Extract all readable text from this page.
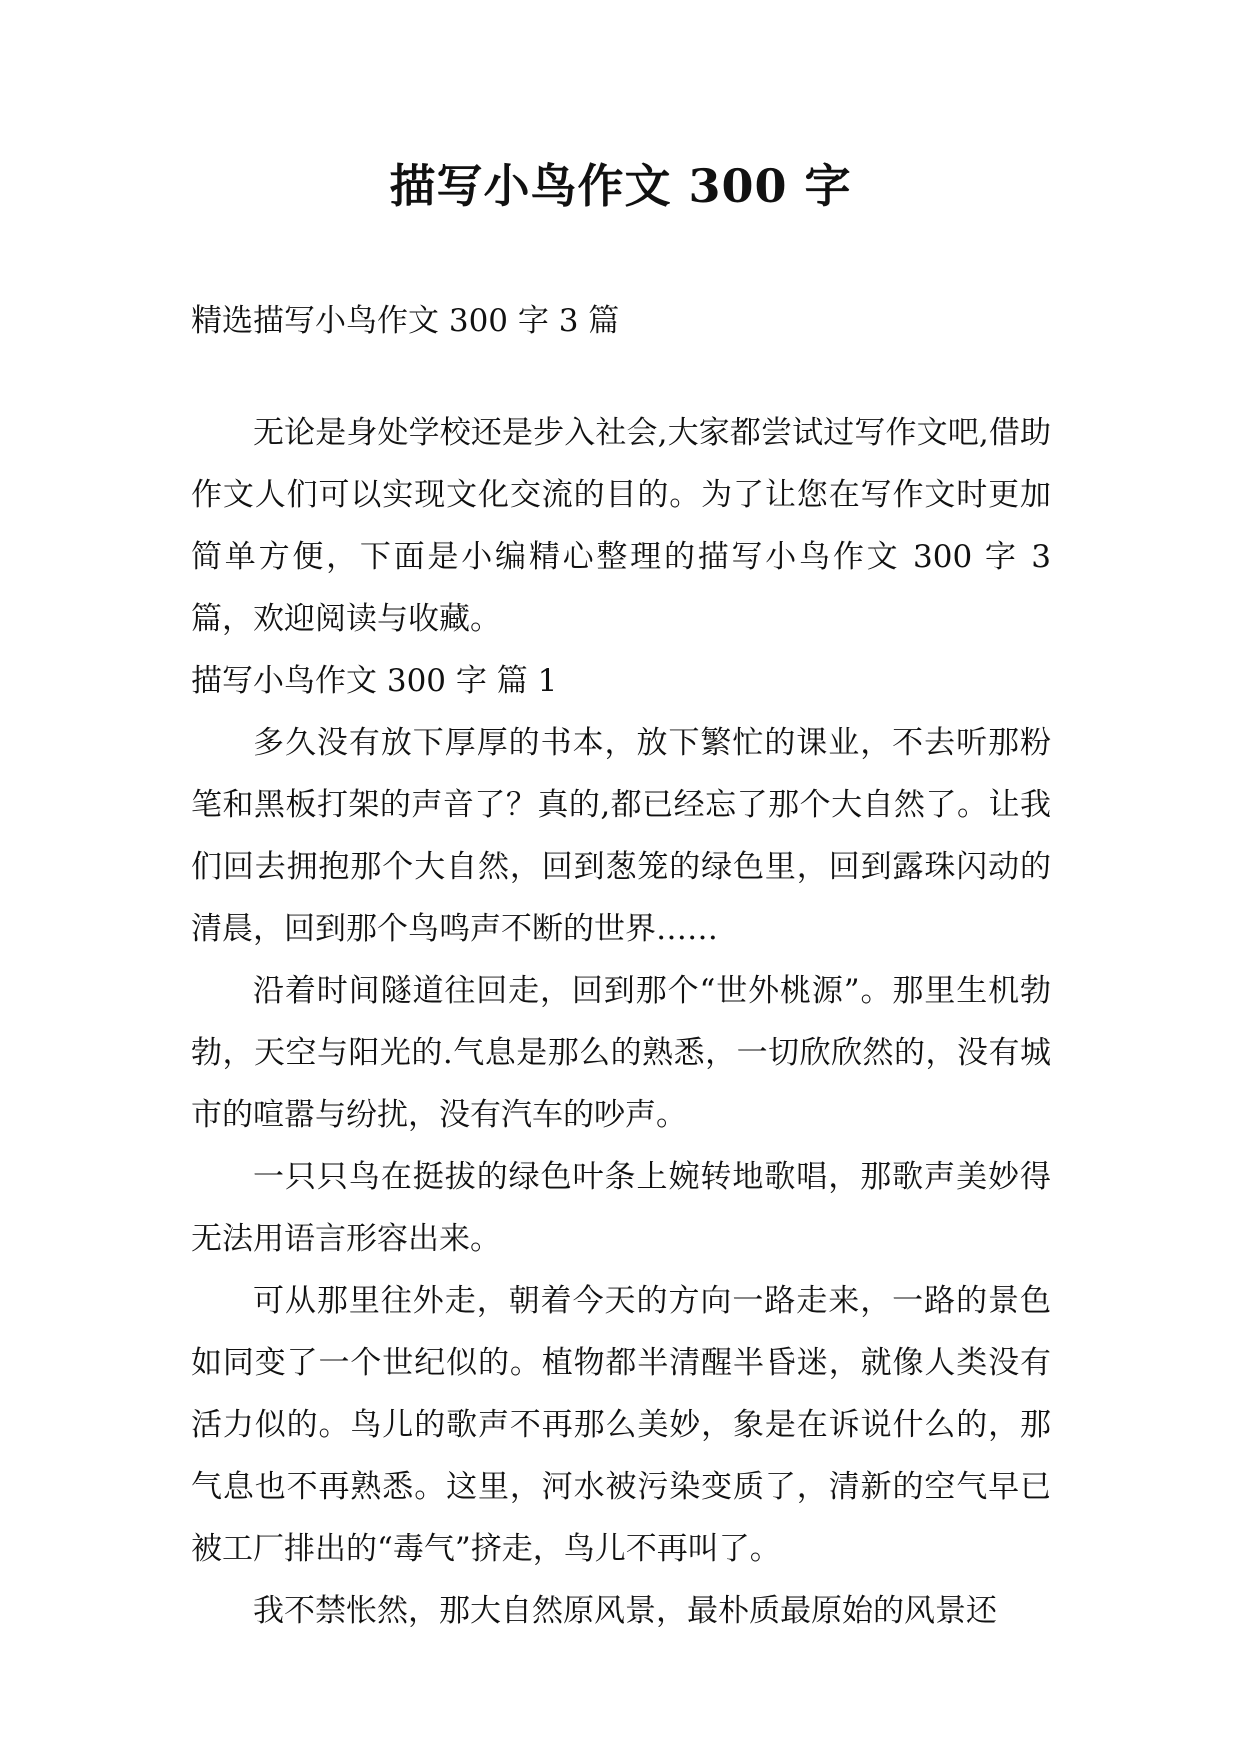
描写小鸟作文 300 字

精选描写小鸟作文 300 字 3 篇

无论是身处学校还是步入社会,大家都尝试过写作文吧,借助作文人们可以实现文化交流的目的。为了让您在写作文时更加简单方便，下面是小编精心整理的描写小鸟作文 300 字 3 篇，欢迎阅读与收藏。

描写小鸟作文 300 字 篇 1

多久没有放下厚厚的书本，放下繁忙的课业，不去听那粉笔和黑板打架的声音了？真的,都已经忘了那个大自然了。让我们回去拥抱那个大自然，回到葱笼的绿色里，回到露珠闪动的清晨，回到那个鸟鸣声不断的世界……

沿着时间隧道往回走，回到那个“世外桃源”。那里生机勃勃，天空与阳光的.气息是那么的熟悉，一切欣欣然的，没有城市的喧嚣与纷扰，没有汽车的吵声。

一只只鸟在挺拔的绿色叶条上婉转地歌唱，那歌声美妙得无法用语言形容出来。

可从那里往外走，朝着今天的方向一路走来，一路的景色如同变了一个世纪似的。植物都半清醒半昏迷，就像人类没有活力似的。鸟儿的歌声不再那么美妙，象是在诉说什么的，那气息也不再熟悉。这里，河水被污染变质了，清新的空气早已被工厂排出的“毒气”挤走，鸟儿不再叫了。

我不禁怅然，那大自然原风景，最朴质最原始的风景还
